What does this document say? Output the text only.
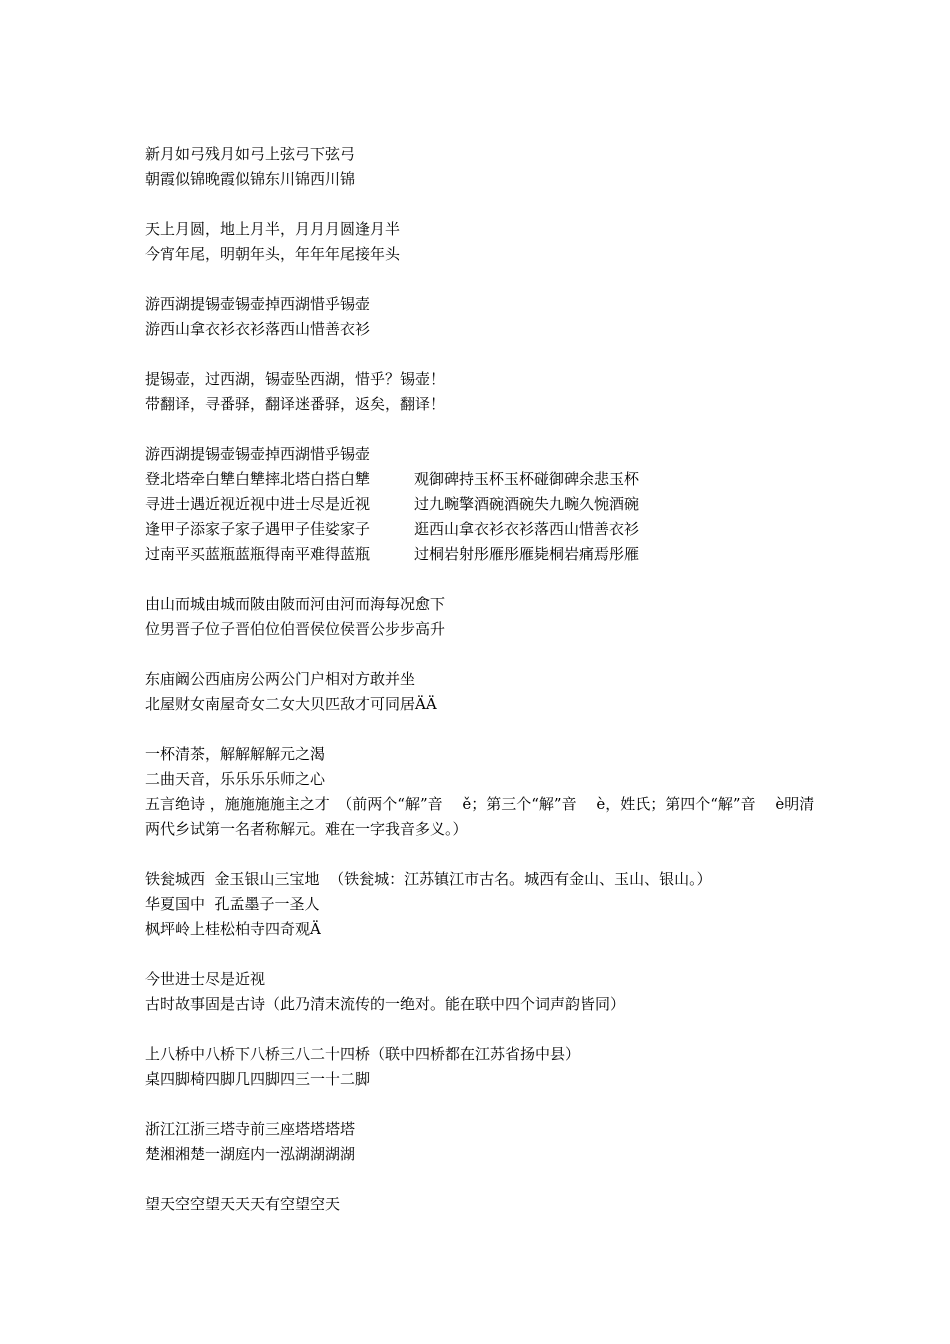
新月如弓残月如弓上弦弓下弦弓
朝霞似锦晚霞似锦东川锦西川锦
天上月圆，地上月半，月月月圆逢月半
今宵年尾，明朝年头，年年年尾接年头
游西湖提锡壶锡壶掉西湖惜乎锡壶
游西山拿衣衫衣衫落西山惜善衣衫
提锡壶，过西湖，锡壶坠西湖，惜乎？锡壶！
带翻译，寻番驿，翻译迷番驿，返矣，翻译！
游西湖提锡壶锡壶掉西湖惜乎锡壶
登北塔牵白犨白犨摔北塔白搭白犨	观御碑持玉杯玉杯碰御碑余悲玉杯
寻进士遇近视近视中进士尽是近视	过九畹擎酒碗酒碗失九畹久惋酒碗
逢甲子添家子家子遇甲子佳娑家子	逛西山拿衣衫衣衫落西山惜善衣衫
过南平买蓝瓶蓝瓶得南平难得蓝瓶	过桐岩射彤雁彤雁毙桐岩痛焉彤雁
由山而城由城而陂由陂而河由河而海每况愈下
位男晋子位子晋伯位伯晋侯位侯晋公步步高升
东庙阚公西庙房公两公门户相对方敢并坐
北屋财女南屋奇女二女大贝匹敌才可同居ÄÄ
一杯清茶，解解解解元之渴
二曲天音，乐乐乐乐师之心
五言绝诗 ，施施施施主之才　（前两个“解”音　 ě；第三个“解”音　 è，姓氏；第四个“解”音　 è明清两代乡试第一名者称解元。难在一字我音多义。）
铁瓮城西  金玉银山三宝地  （铁瓮城：江苏镇江市古名。城西有金山、玉山、银山。）
华夏国中  孔孟墨子一圣人
枫坪岭上桂松柏寺四奇观Ä
今世进士尽是近视
古时故事固是古诗（此乃清末流传的一绝对。能在联中四个词声韵皆同）
上八桥中八桥下八桥三八二十四桥（联中四桥都在江苏省扬中县）
桌四脚椅四脚几四脚四三一十二脚
浙江江浙三塔寺前三座塔塔塔塔
楚湘湘楚一湖庭内一泓湖湖湖湖
望天空空望天天天有空望空天
